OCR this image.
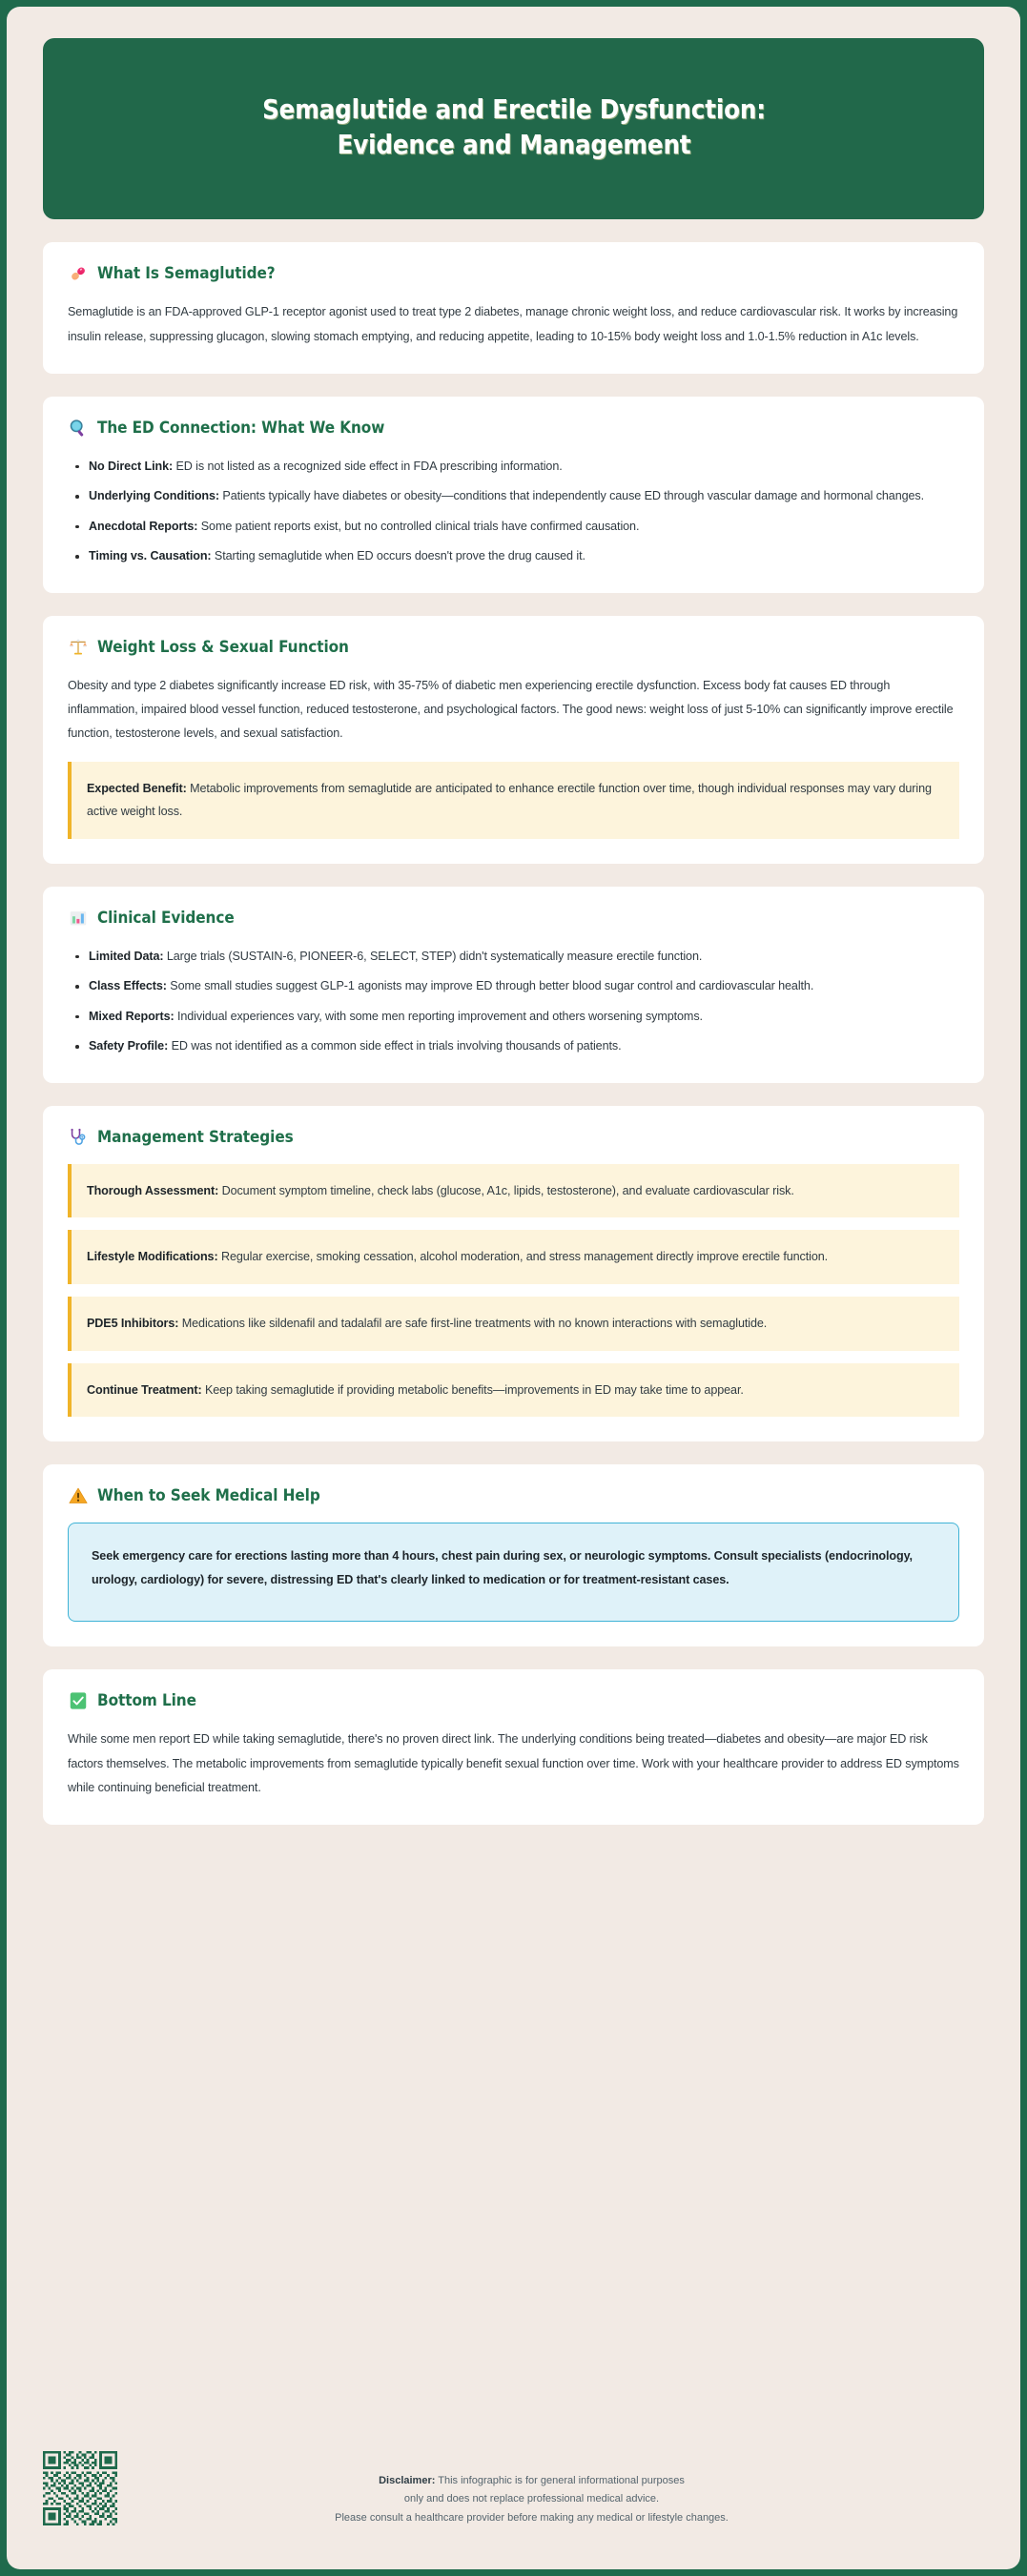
Semaglutide and Erectile Dysfunction: Evidence and Management
What Is Semaglutide?

Semaglutide is an FDA-approved GLP-1 receptor agonist used to treat type 2 diabetes, manage chronic weight loss, and reduce cardiovascular risk. It works by increasing insulin release, suppressing glucagon, slowing stomach emptying, and reducing appetite, leading to 10-15% body weight loss and 1.0-1.5% reduction in A1c levels.

The ED Connection: What We Know
No Direct Link: ED is not listed as a recognized side effect in FDA prescribing information.
Underlying Conditions: Patients typically have diabetes or obesity—conditions that independently cause ED through vascular damage and hormonal changes.
Anecdotal Reports: Some patient reports exist, but no controlled clinical trials have confirmed causation.
Timing vs. Causation: Starting semaglutide when ED occurs doesn't prove the drug caused it.
Weight Loss & Sexual Function

Obesity and type 2 diabetes significantly increase ED risk, with 35-75% of diabetic men experiencing erectile dysfunction. Excess body fat causes ED through inflammation, impaired blood vessel function, reduced testosterone, and psychological factors. The good news: weight loss of just 5-10% can significantly improve erectile function, testosterone levels, and sexual satisfaction.

Expected Benefit: Metabolic improvements from semaglutide are anticipated to enhance erectile function over time, though individual responses may vary during active weight loss.
Clinical Evidence
Limited Data: Large trials (SUSTAIN-6, PIONEER-6, SELECT, STEP) didn't systematically measure erectile function.
Class Effects: Some small studies suggest GLP-1 agonists may improve ED through better blood sugar control and cardiovascular health.
Mixed Reports: Individual experiences vary, with some men reporting improvement and others worsening symptoms.
Safety Profile: ED was not identified as a common side effect in trials involving thousands of patients.
Management Strategies
Thorough Assessment: Document symptom timeline, check labs (glucose, A1c, lipids, testosterone), and evaluate cardiovascular risk.
Lifestyle Modifications: Regular exercise, smoking cessation, alcohol moderation, and stress management directly improve erectile function.
PDE5 Inhibitors: Medications like sildenafil and tadalafil are safe first-line treatments with no known interactions with semaglutide.
Continue Treatment: Keep taking semaglutide if providing metabolic benefits—improvements in ED may take time to appear.
When to Seek Medical Help
Seek emergency care for erections lasting more than 4 hours, chest pain during sex, or neurologic symptoms. Consult specialists (endocrinology, urology, cardiology) for severe, distressing ED that's clearly linked to medication or for treatment-resistant cases.
Bottom Line

While some men report ED while taking semaglutide, there's no proven direct link. The underlying conditions being treated—diabetes and obesity—are major ED risk factors themselves. The metabolic improvements from semaglutide typically benefit sexual function over time. Work with your healthcare provider to address ED symptoms while continuing beneficial treatment.

Disclaimer: This infographic is for general informational purposes
only and does not replace professional medical advice.
Please consult a healthcare provider before making any medical or lifestyle changes.
